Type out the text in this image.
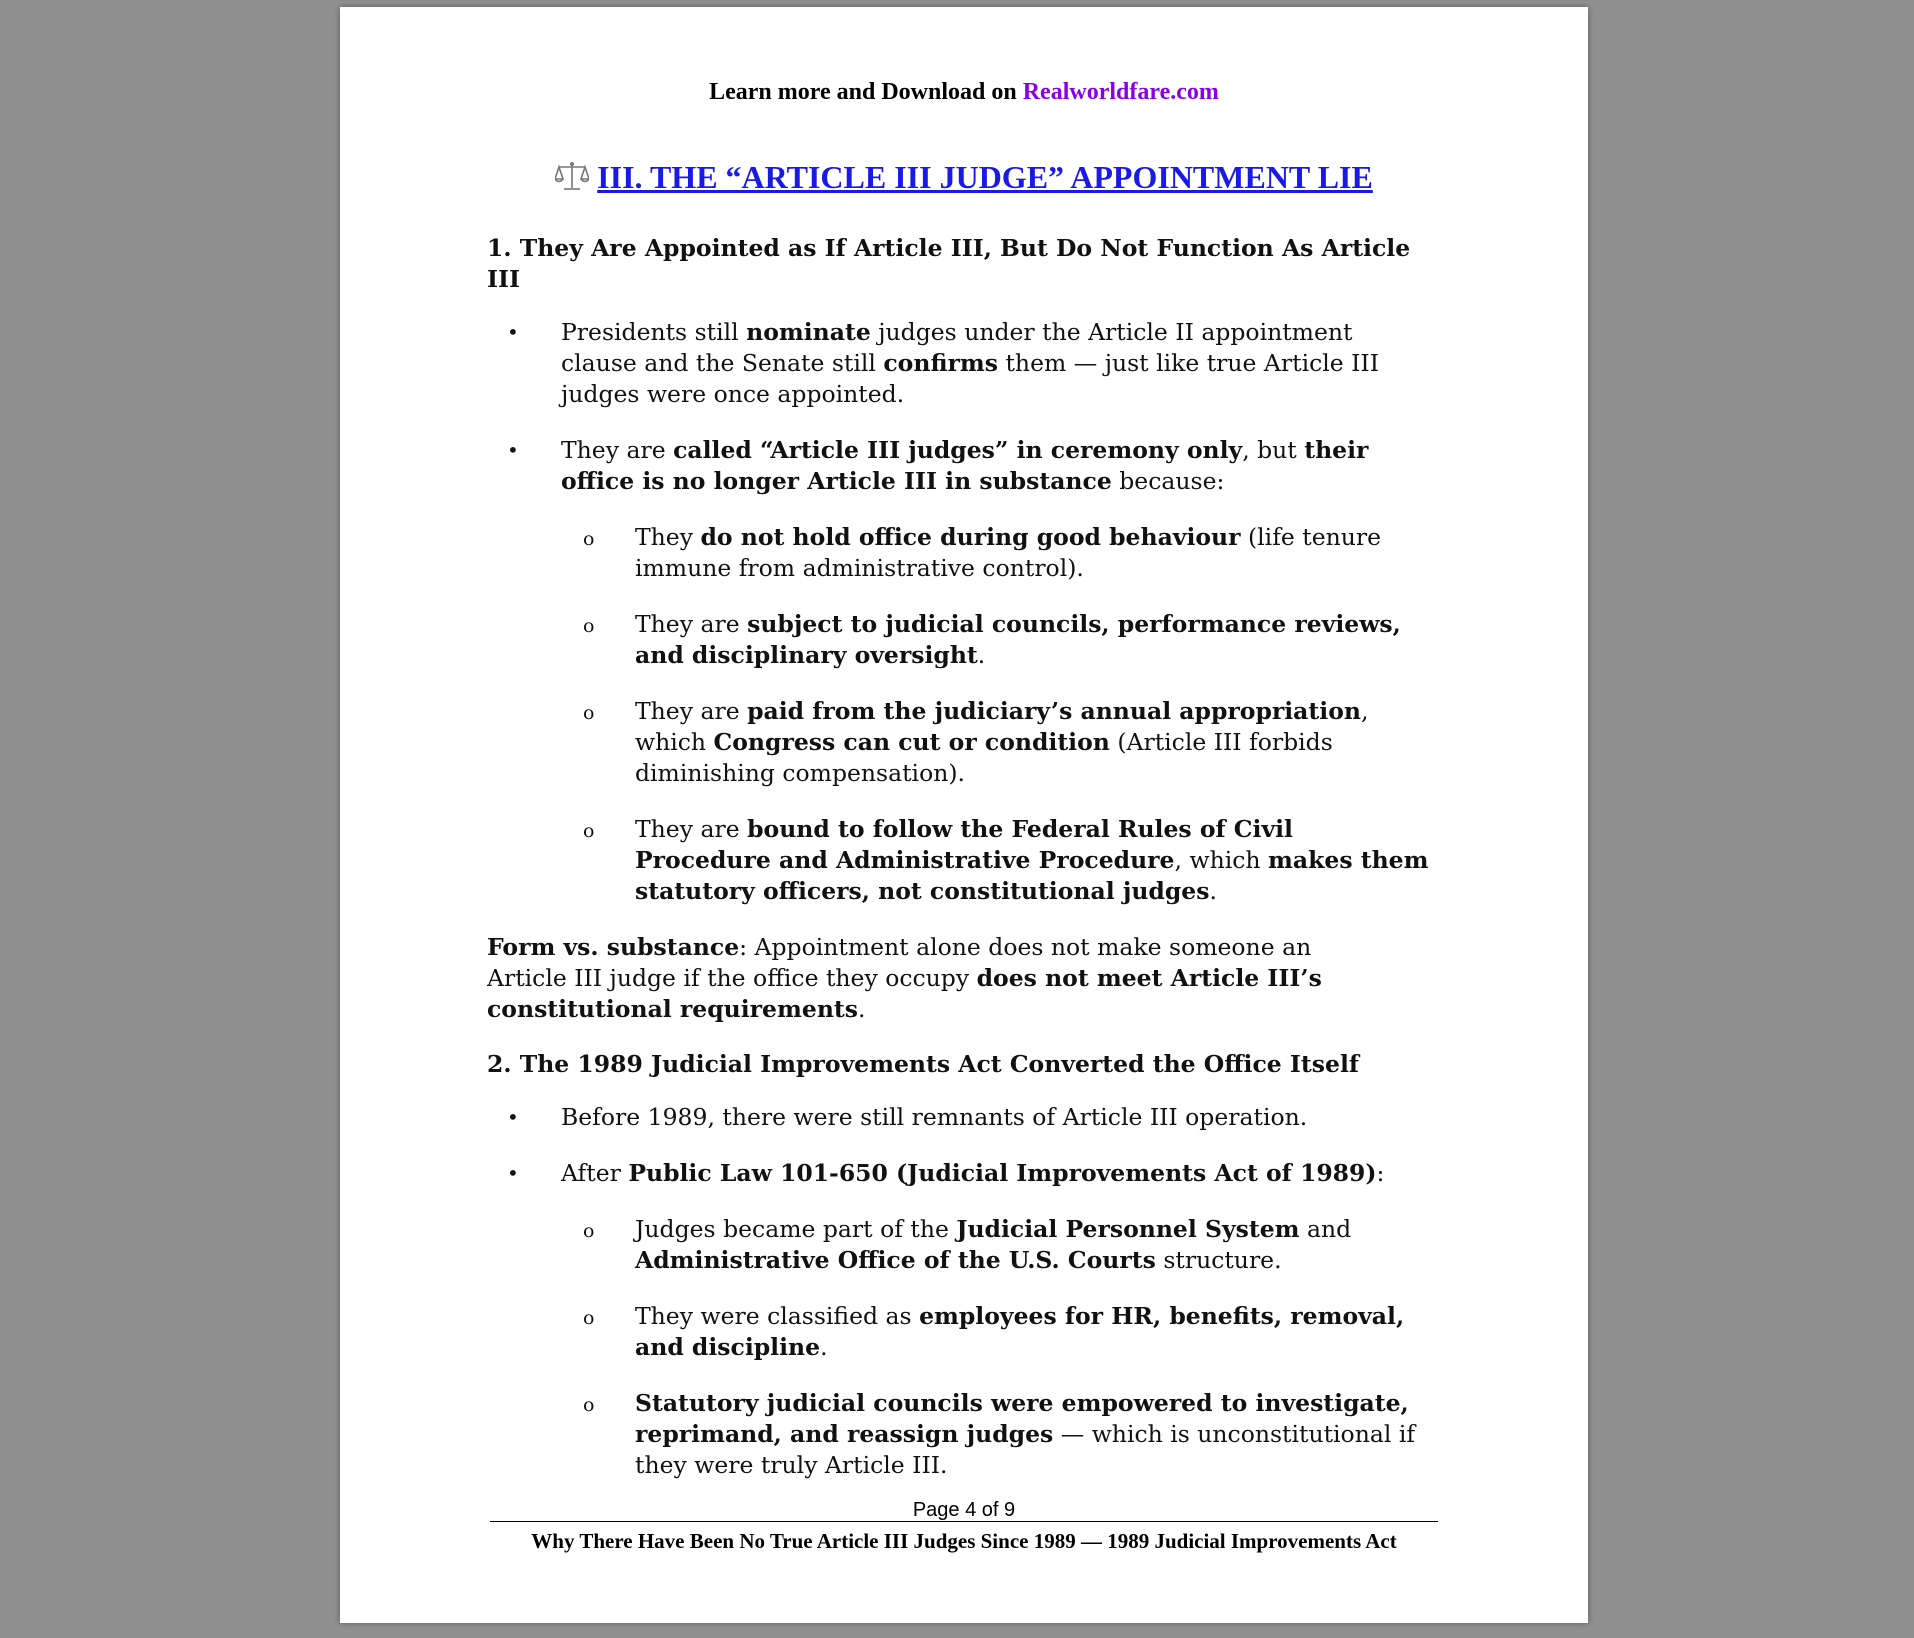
Learn more and Download on Realworldfare.com
III. THE “ARTICLE III JUDGE” APPOINTMENT LIE
1. They Are Appointed as If Article III, But Do Not Function As Article III
• Presidents still nominate judges under the Article II appointment clause and the Senate still confirms them — just like true Article III judges were once appointed.
• They are called “Article III judges” in ceremony only, but their office is no longer Article III in substance because:
o They do not hold office during good behaviour (life tenure immune from administrative control).
o They are subject to judicial councils, performance reviews, and disciplinary oversight.
o They are paid from the judiciary’s annual appropriation, which Congress can cut or condition (Article III forbids diminishing compensation).
o They are bound to follow the Federal Rules of Civil Procedure and Administrative Procedure, which makes them statutory officers, not constitutional judges.

Form vs. substance: Appointment alone does not make someone an Article III judge if the office they occupy does not meet Article III’s constitutional requirements.

2. The 1989 Judicial Improvements Act Converted the Office Itself
• Before 1989, there were still remnants of Article III operation.
• After Public Law 101-650 (Judicial Improvements Act of 1989):
o Judges became part of the Judicial Personnel System and Administrative Office of the U.S. Courts structure.
o They were classified as employees for HR, benefits, removal, and discipline.
o Statutory judicial councils were empowered to investigate, reprimand, and reassign judges — which is unconstitutional if they were truly Article III.
Page 4 of 9
Why There Have Been No True Article III Judges Since 1989 — 1989 Judicial Improvements Act
